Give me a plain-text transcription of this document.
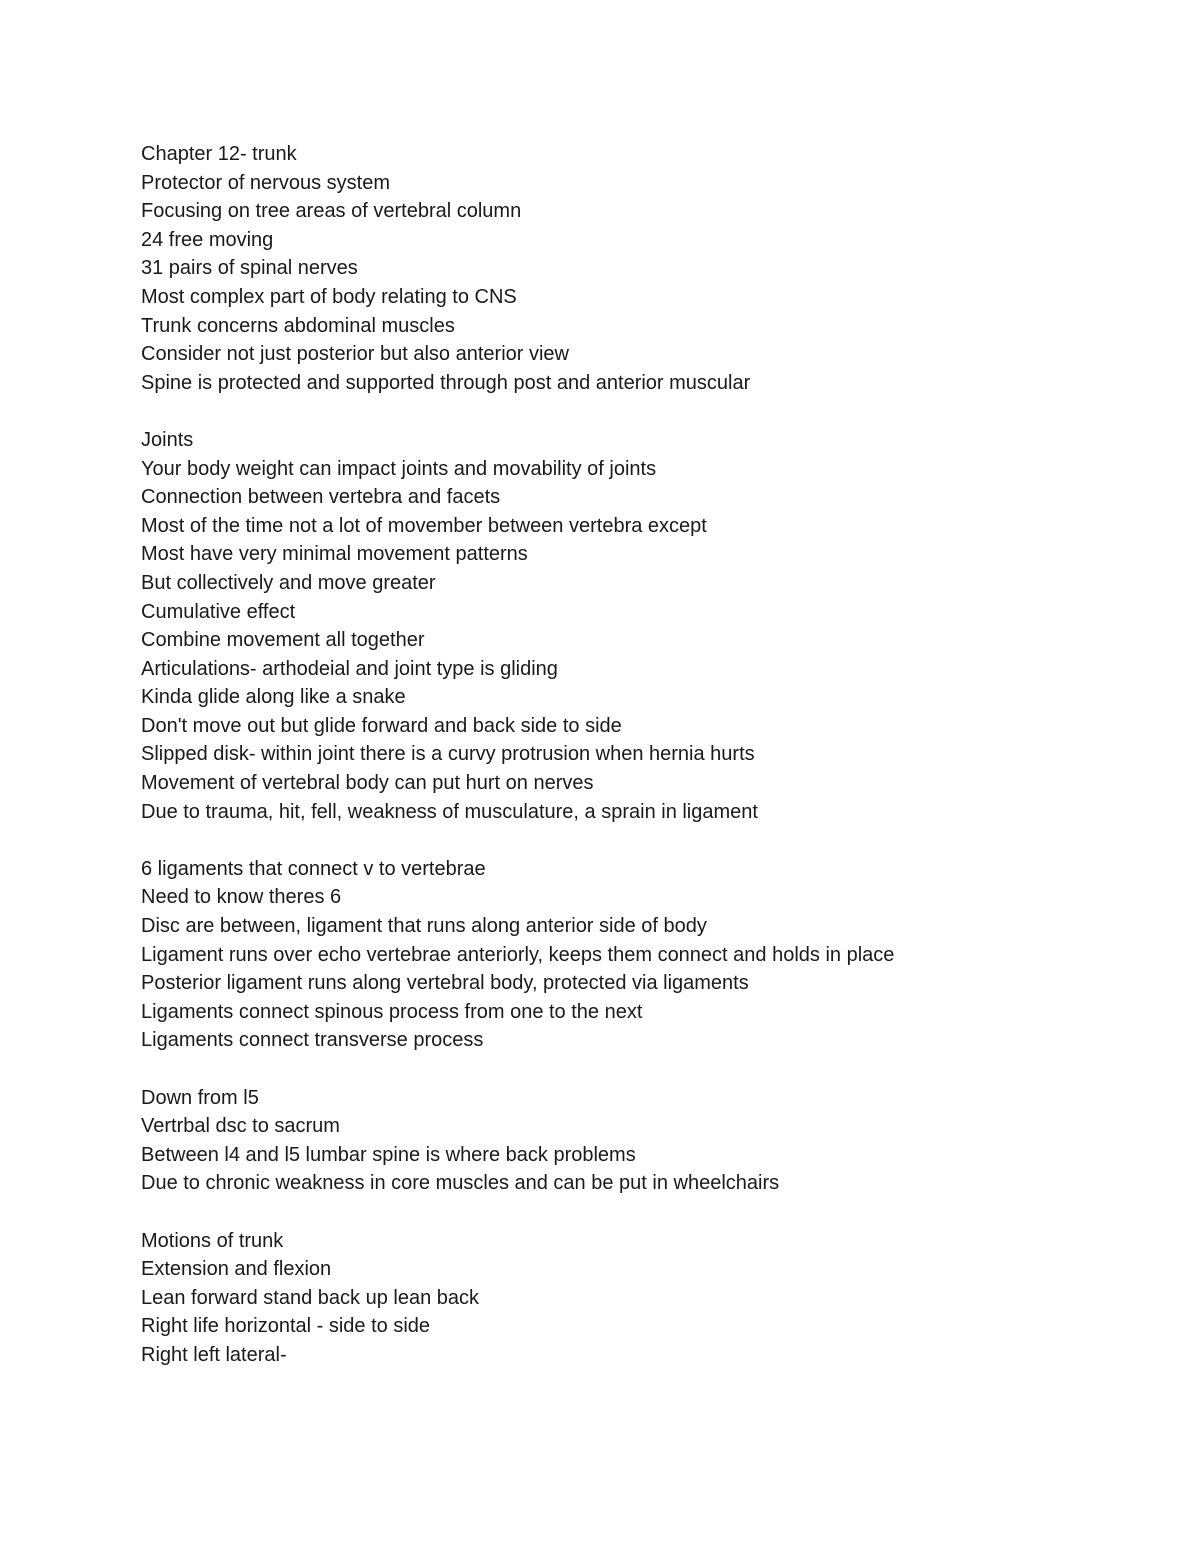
Chapter 12- trunk
Protector of nervous system
Focusing on tree areas of vertebral column
24 free moving
31 pairs of spinal nerves
Most complex part of body relating to CNS
Trunk concerns abdominal muscles
Consider not just posterior but also anterior view
Spine is protected and supported through post and anterior muscular
Joints
Your body weight can impact joints and movability of joints
Connection between vertebra and facets
Most of the time not a lot of movember between vertebra except
Most have very minimal movement patterns
But collectively and move greater
Cumulative effect
Combine movement all together
Articulations- arthodeial and joint type is gliding
Kinda glide along like a snake
Don't move out but glide forward and back side to side
Slipped disk- within joint there is a curvy protrusion when hernia hurts
Movement of vertebral body can put hurt on nerves
Due to trauma, hit, fell, weakness of musculature, a sprain in ligament
6 ligaments that connect v to vertebrae
Need to know theres 6
Disc are between, ligament that runs along anterior side of body
Ligament runs over echo vertebrae anteriorly, keeps them connect and holds in place
Posterior ligament runs along vertebral body, protected via ligaments
Ligaments connect spinous process from one to the next
Ligaments connect transverse process
Down from l5
Vertrbal dsc to sacrum
Between l4 and l5 lumbar spine is where back problems
Due to chronic weakness in core muscles and can be put in wheelchairs
Motions of trunk
Extension and flexion
Lean forward stand back up lean back
Right life horizontal - side to side
Right left lateral-
